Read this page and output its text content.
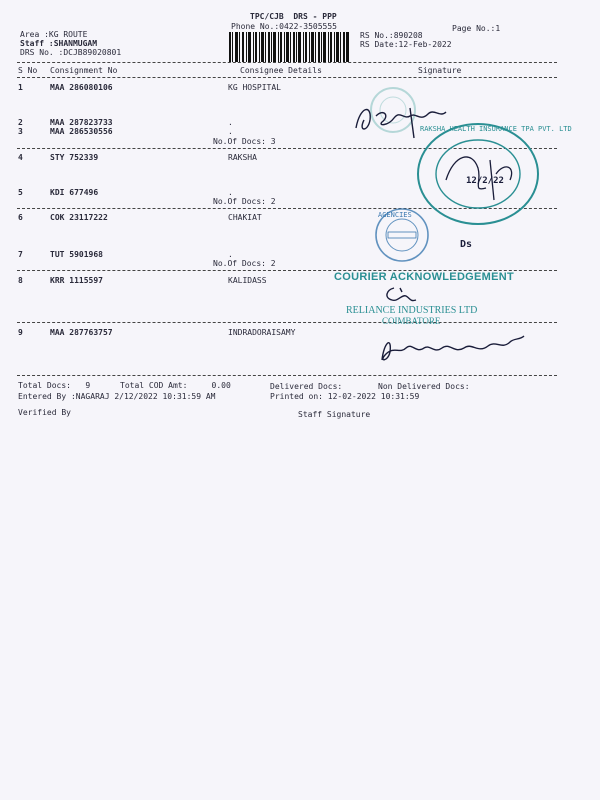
TPC/CJB  DRS - PPP
Phone No.:0422-3505555	Page No.:1
Area :KG ROUTE
Staff :SHANMUGAM
DRS No. :DCJB89020801
RS No.:890208
RS Date:12-Feb-2022
S No Consignment No	Consignee Details	Signature
1	MAA 286080106	KG HOSPITAL
2	MAA 287823733	.
3	MAA 286530556	.
No.Of Docs: 3
4	STY 752339	RAKSHA
5	KDI 677496	.
No.Of Docs: 2
6	COK 23117222	CHAKIAT
7	TUT 5901968	.
No.Of Docs: 2
8	KRR 1115597	KALIDASS
9	MAA 287763757	INDRADORAISAMY
RAKSHA HEALTH INSURANCE TPA PVT. LTD
12/2/22
AGENCIES
Ds
COURIER ACKNOWLEDGEMENT
RELIANCE INDUSTRIES LTD
COIMBATORE
Total Docs:   9	Total COD Amt:     0.00	Delivered Docs:	Non Delivered Docs:
Entered By :NAGARAJ 2/12/2022 10:31:59 AM	Printed on: 12-02-2022 10:31:59
Verified By	Staff Signature
